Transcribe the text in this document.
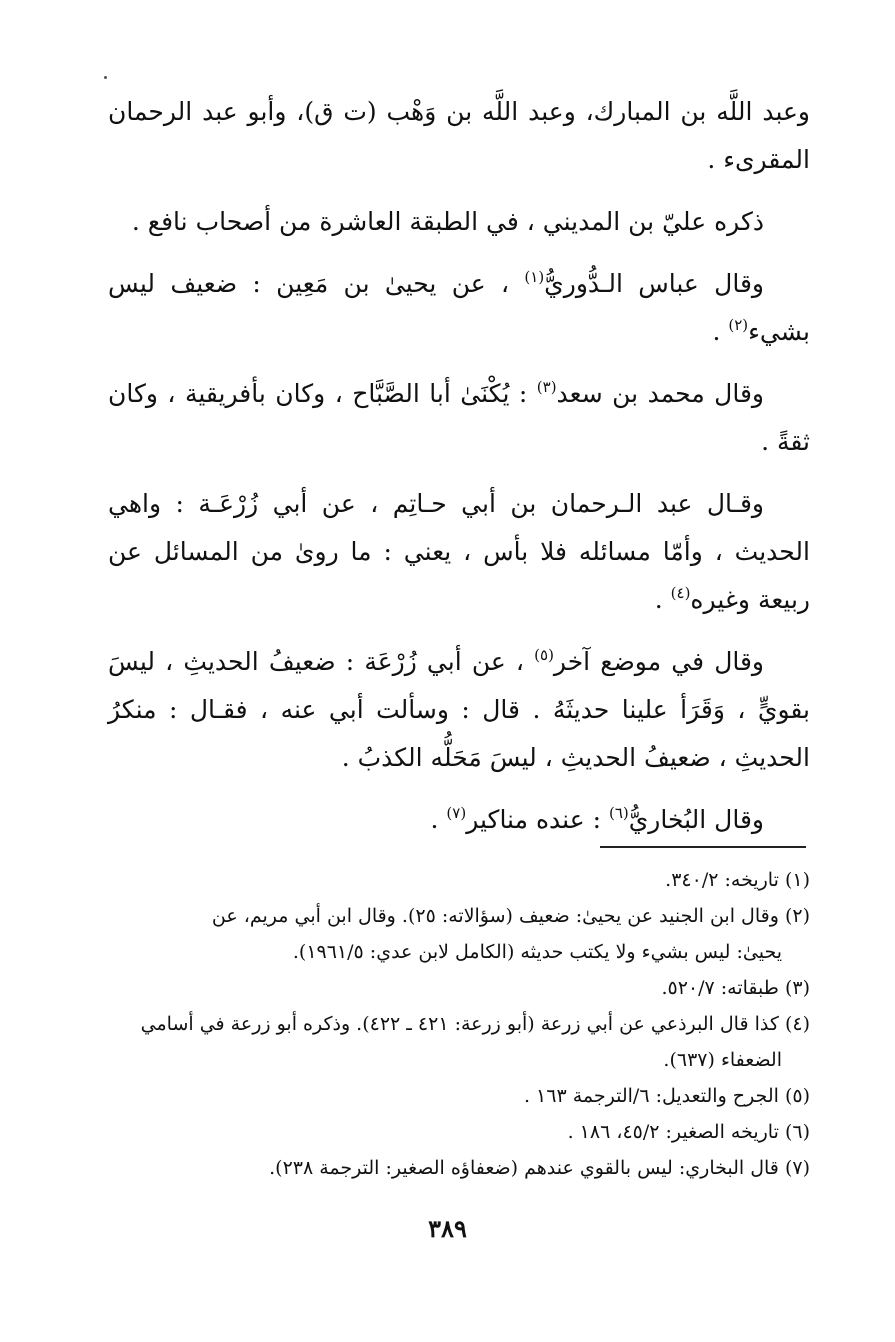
وعبد اللَّه بن المبارك، وعبد اللَّه بن وَهْب (ت ق)، وأبو عبد الرحمان المقرىء .

ذكره عليّ بن المديني ، في الطبقة العاشرة من أصحاب نافع .

وقال عباس الـدُّوريُّ$^{(١)}$ ، عن يحيىٰ بن مَعِين : ضعيف ليس بشيء$^{(٢)}$ .

وقال محمد بن سعد$^{(٣)}$ : يُكْنَىٰ أبا الصَّبَّاح ، وكان بأفريقية ، وكان ثقةً .

وقـال عبد الـرحمان بن أبي حـاتِم ، عن أبي زُرْعَـة : واهي الحديث ، وأمّا مسائله فلا بأس ، يعني : ما روىٰ من المسائل عن ربيعة وغيره$^{(٤)}$ .

وقال في موضع آخر$^{(٥)}$ ، عن أبي زُرْعَة : ضعيفُ الحديثِ ، ليسَ بقويٍّ ، وَقَرَأ علينا حديثَهُ . قال : وسألت أبي عنه ، فقـال : منكرُ الحديثِ ، ضعيفُ الحديثِ ، ليسَ مَحَلُّه الكذبُ .

وقال البُخاريُّ$^{(٦)}$ : عنده مناكير$^{(٧)}$ .

(١) تاريخه: ٣٤٠/٢.

(٢) وقال ابن الجنيد عن يحيىٰ: ضعيف (سؤالاته: ٢٥). وقال ابن أبي مريم، عن
يحيىٰ: ليس بشيء ولا يكتب حديثه (الكامل لابن عدي: ١٩٦١/٥).

(٣) طبقاته: ٥٢٠/٧.

(٤) كذا قال البرذعي عن أبي زرعة (أبو زرعة: ٤٢١ ـ ٤٢٢). وذكره أبو زرعة في أسامي
الضعفاء (٦٣٧).

(٥) الجرح والتعديل: ٦/الترجمة ١٦٣ .

(٦) تاريخه الصغير: ٤٥/٢، ١٨٦ .

(٧) قال البخاري: ليس بالقوي عندهم (ضعفاؤه الصغير: الترجمة ٢٣٨).

٣٨٩
